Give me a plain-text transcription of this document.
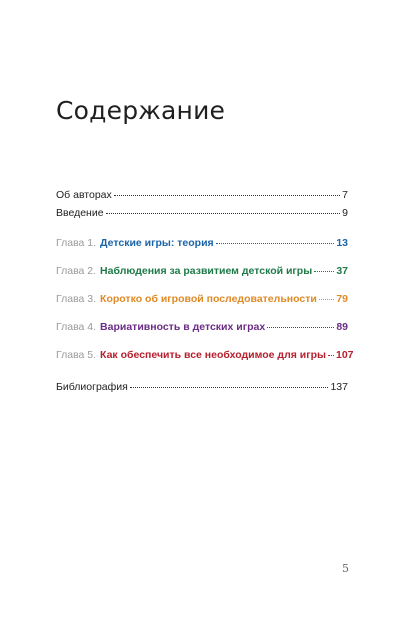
Содержание
Об авторах	7
Введение	9
Глава 1. Детские игры: теория	13
Глава 2. Наблюдения за развитием детской игры 37
Глава 3. Коротко об игровой последовательности 79
Глава 4. Вариативность в детских играх	89
Глава 5. Как обеспечить все необходимое для игры 107
Библиография	137
5
